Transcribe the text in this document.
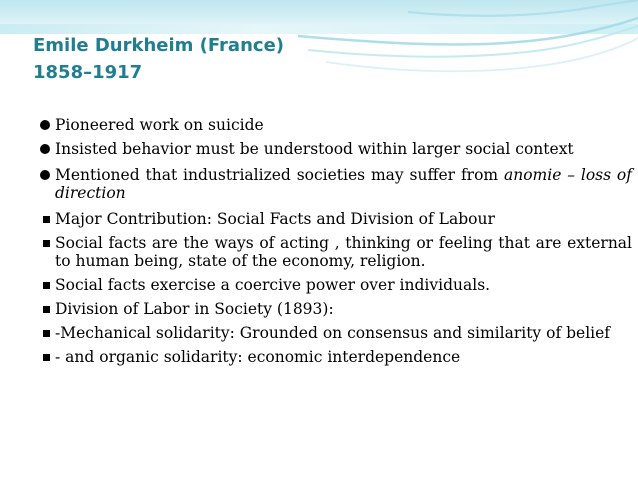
Emile Durkheim (France)
1858–1917
Pioneered work on suicide
Insisted behavior must be understood within larger social context
Mentioned that industrialized societies may suffer from anomie – loss of direction
Major Contribution: Social Facts and Division of Labour
Social facts are the ways of acting , thinking or feeling that are external to human being, state of the economy, religion.
Social facts exercise a coercive power over individuals.
Division of Labor in Society (1893):
-Mechanical solidarity: Grounded on consensus and similarity of belief
- and organic solidarity: economic interdependence
